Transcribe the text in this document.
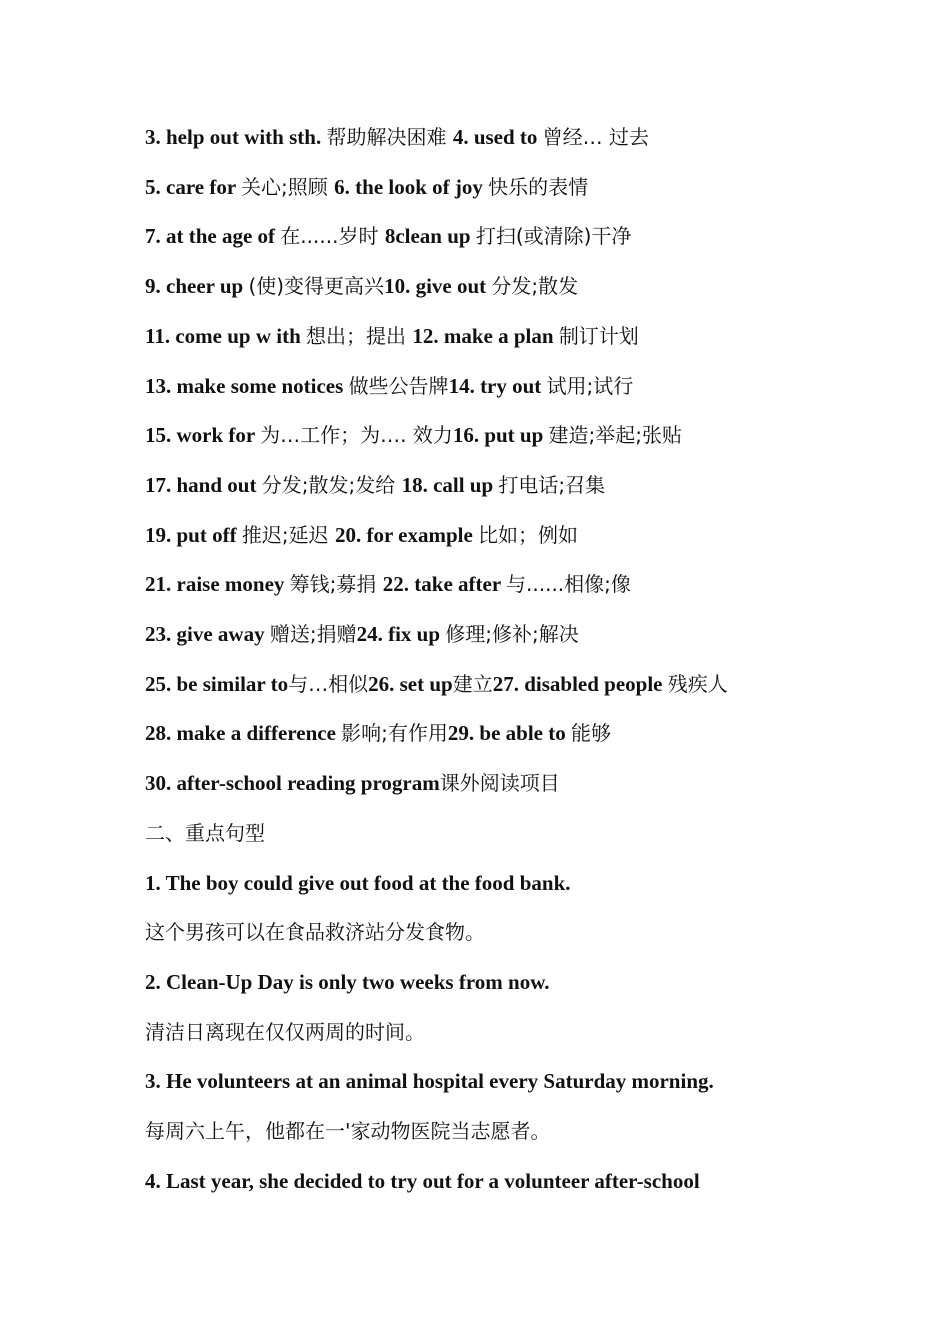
3. help out with sth. 帮助解决困难 4. used to 曾经… 过去
5. care for 关心;照顾 6. the look of joy 快乐的表情
7. at the age of 在......岁时 8clean up 打扫(或清除)干净
9. cheer up (使)变得更高兴10. give out 分发;散发
11. come up w ith 想出；提出 12. make a plan 制订计划
13. make some notices 做些公告牌14. try out 试用;试行
15. work for 为…工作；为…. 效力16. put up 建造;举起;张贴
17. hand out 分发;散发;发给 18. call up 打电话;召集
19. put off 推迟;延迟 20. for example 比如；例如
21. raise money 筹钱;募捐 22. take after 与......相像;像
23. give away 赠送;捐赠24. fix up 修理;修补;解决
25. be similar to与…相似26. set up建立27. disabled people 残疾人
28. make a difference 影响;有作用29. be able to 能够
30. after-school reading program课外阅读项目
二、重点句型
1. The boy could give out food at the food bank.
这个男孩可以在食品救济站分发食物。
2. Clean-Up Day is only two weeks from now.
清洁日离现在仅仅两周的时间。
3. He volunteers at an animal hospital every Saturday morning.
每周六上午，他都在一'家动物医院当志愿者。
4. Last year, she decided to try out for a volunteer after-school
